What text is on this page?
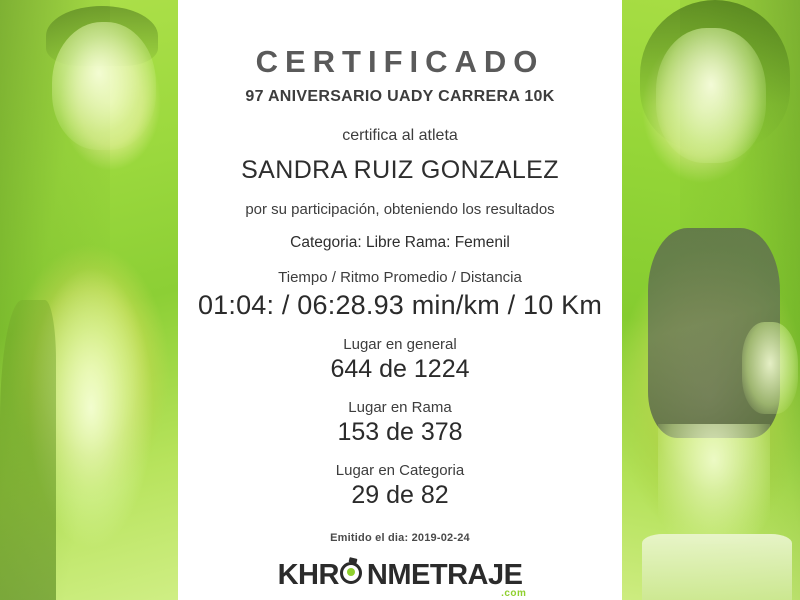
CERTIFICADO
97 ANIVERSARIO UADY CARRERA 10K
certifica al atleta
SANDRA RUIZ GONZALEZ
por su participación, obteniendo los resultados
Categoria: Libre Rama: Femenil
Tiempo / Ritmo Promedio / Distancia
01:04: / 06:28.93 min/km / 10 Km
Lugar en general
644 de 1224
Lugar en Rama
153 de 378
Lugar en Categoria
29 de 82
Emitido el dia: 2019-02-24
KHR NMETRAJE
.com
